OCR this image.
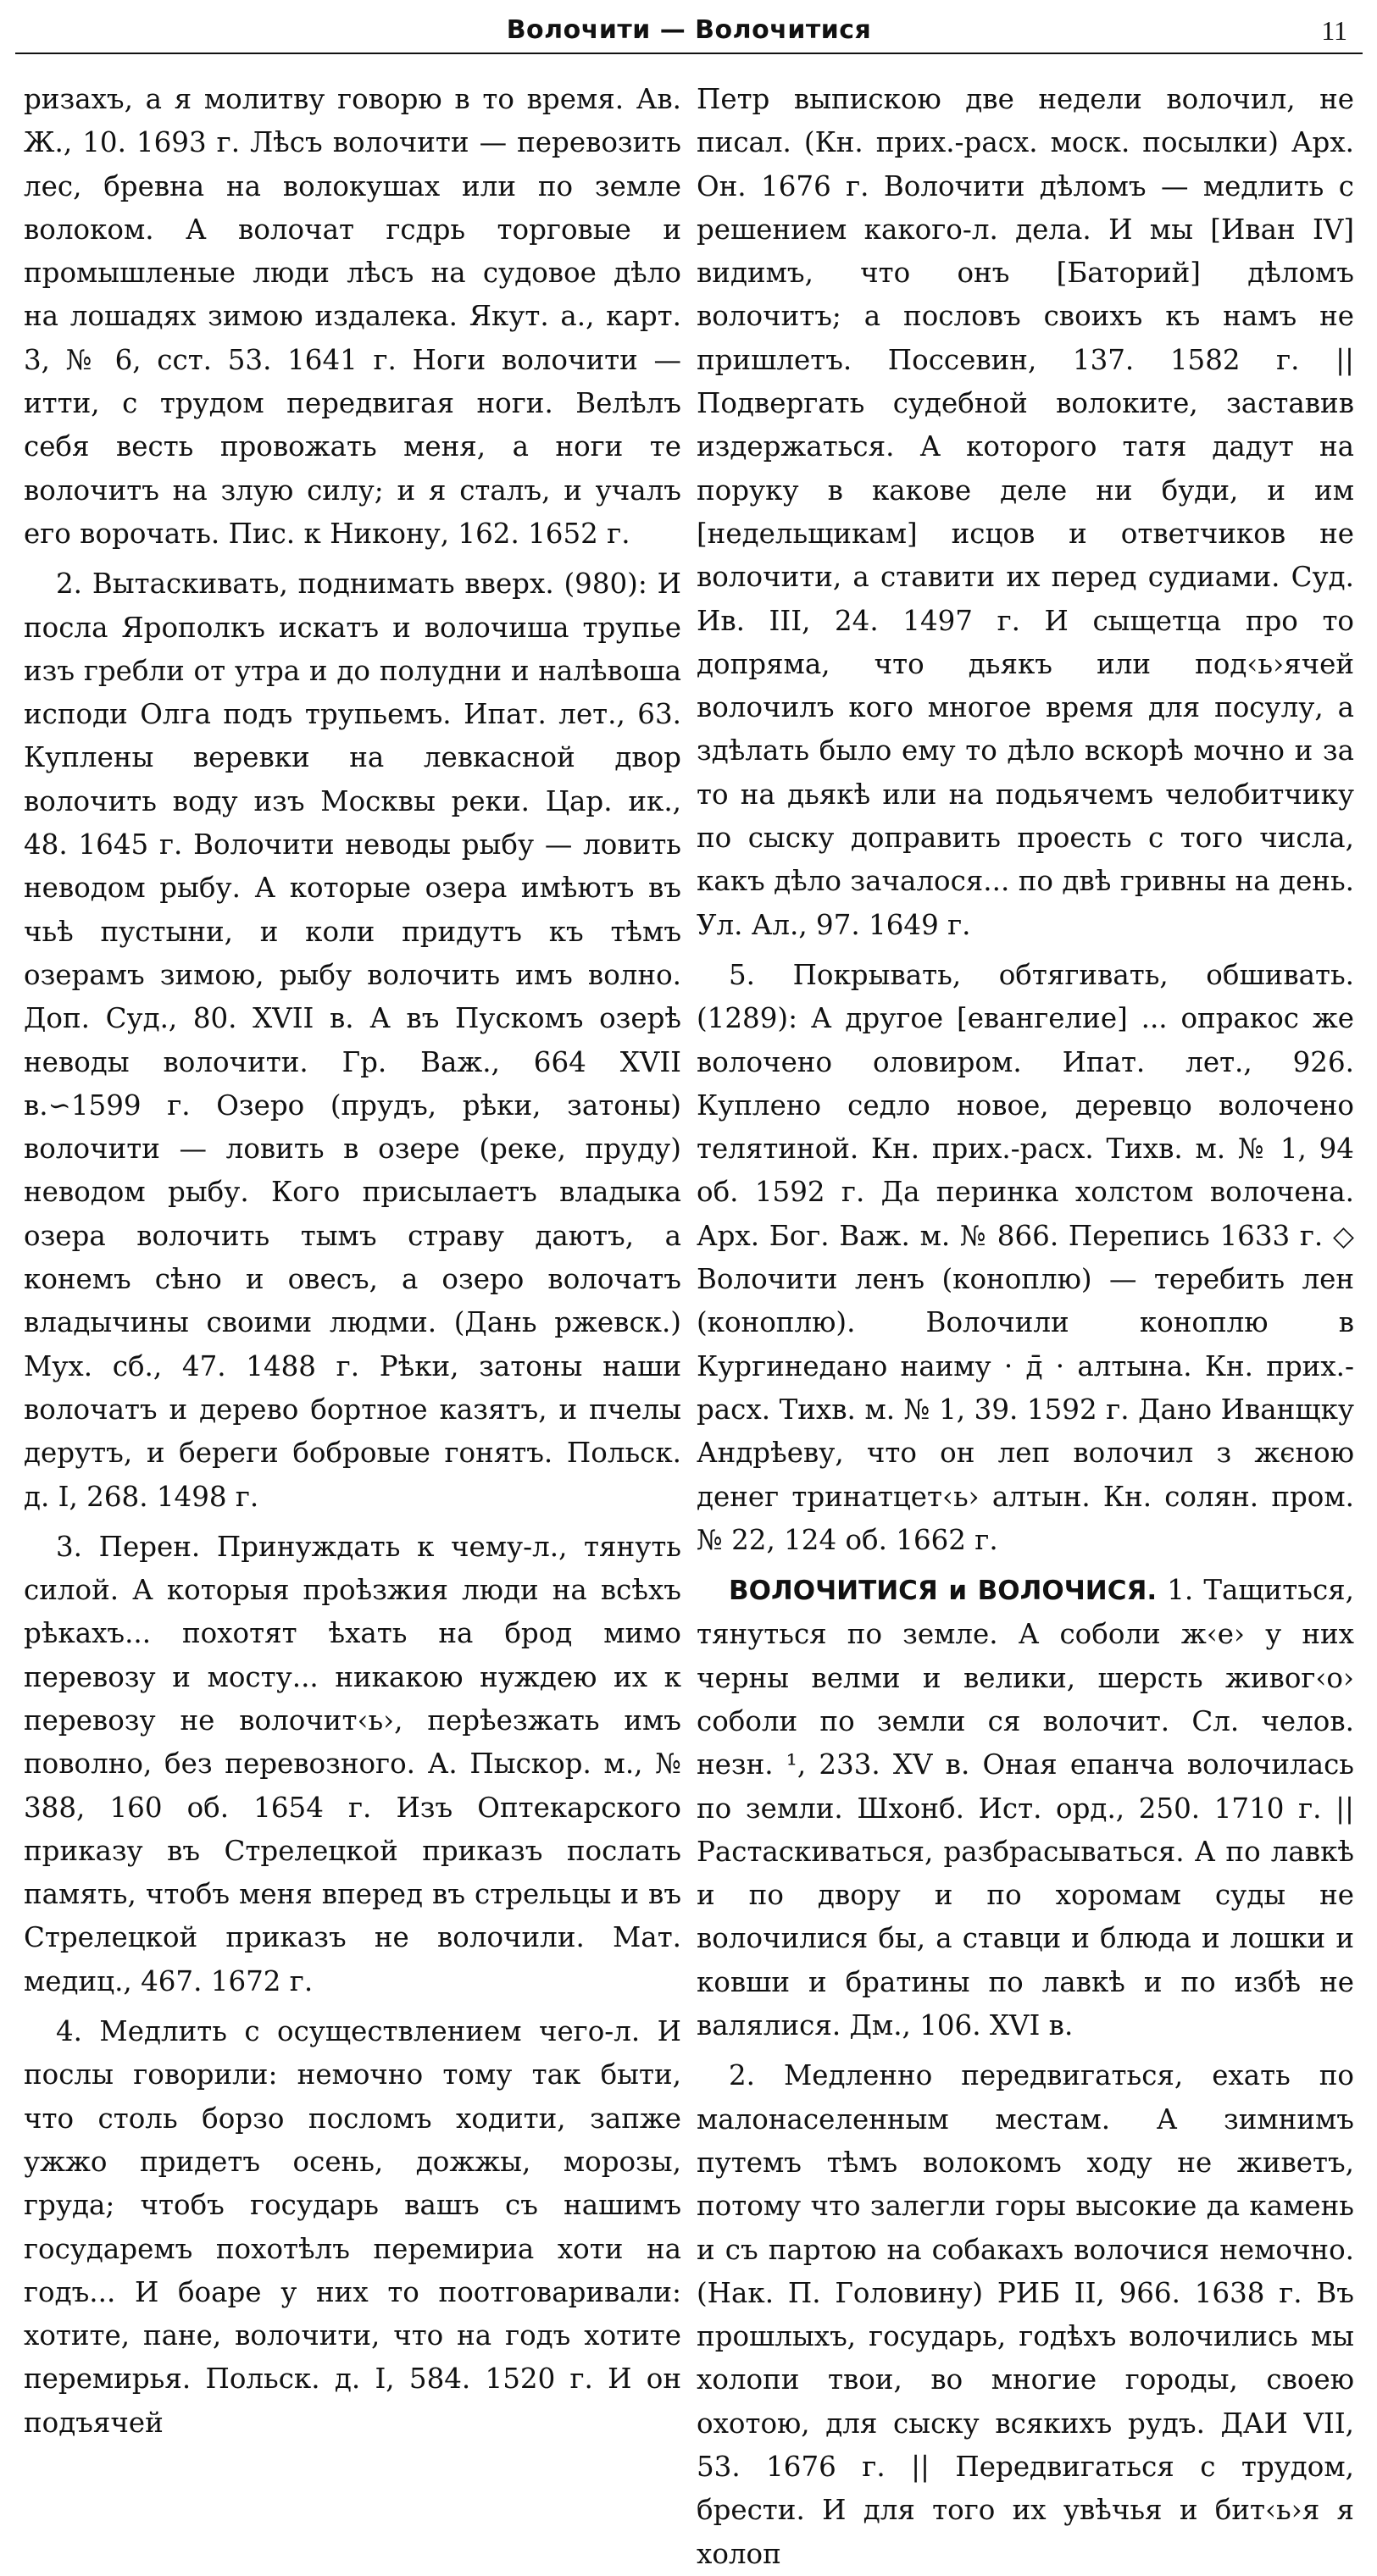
Волочити — Волочитися	11

ризахъ, а я молитву говорю в то время. Ав. Ж., 10. 1693 г. Лѣсъ волочити — перевозить лес, бревна на волокушах или по земле волоком. А волочат гсдрь торговые и промышленые люди лѣсъ на судовое дѣло на лошадях зимою издалека. Якут. а., карт. 3, № 6, сст. 53. 1641 г. Ноги волочити — итти, с трудом передвигая ноги. Велѣлъ себя весть провожать меня, а ноги те волочитъ на злую силу; и я сталъ, и учалъ его ворочать. Пис. к Никону, 162. 1652 г.

2. Вытаскивать, поднимать вверх. (980): И посла Ярополкъ искатъ и волочиша трупье изъ гребли от утра и до полудни и налѣвоша исподи Олга подъ трупьемъ. Ипат. лет., 63. Куплены веревки на левкасной двор волочить воду изъ Москвы реки. Цар. ик., 48. 1645 г. Волочити неводы рыбу — ловить неводом рыбу. А которые озера имѣютъ въ чьѣ пустыни, и коли придутъ къ тѣмъ озерамъ зимою, рыбу волочить имъ волно. Доп. Суд., 80. XVII в. А въ Пускомъ озерѣ неводы волочити. Гр. Важ., 664 XVII в.∽1599 г. Озеро (прудъ, рѣки, затоны) волочити — ловить в озере (реке, пруду) неводом рыбу. Кого присылаетъ владыка озера волочить тымъ страву даютъ, а конемъ сѣно и овесъ, а озеро волочатъ владычины своими людми. (Дань ржевск.) Мух. сб., 47. 1488 г. Рѣки, затоны наши волочатъ и дерево бортное казятъ, и пчелы дерутъ, и береги бобровые гонятъ. Польск. д. I, 268. 1498 г.

3. Перен. Принуждать к чему-л., тянуть силой. А которыя проѣзжия люди на всѣхъ рѣкахъ... похотят ѣхать на брод мимо перевозу и мосту... никакою нуждею их к перевозу не волочит‹ь›, перѣезжать имъ поволно, без перевозного. А. Пыскор. м., № 388, 160 об. 1654 г. Изъ Оптекарского приказу въ Стрелецкой приказъ послать память, чтобъ меня вперед въ стрельцы и въ Стрелецкой приказъ не волочили. Мат. медиц., 467. 1672 г.

4. Медлить с осуществлением чего-л. И послы говорили: немочно тому так быти, что столь борзо посломъ ходити, запже ужжо придетъ осень, дожжы, морозы, груда; чтобъ государь вашъ съ нашимъ государемъ похотѣлъ перемириа хоти на годъ... И боаре у них то поотговаривали: хотите, пане, волочити, что на годъ хотите перемирья. Польск. д. I, 584. 1520 г. И он подъячей

Петр выпискою две недели волочил, не писал. (Кн. прих.-расх. моск. посылки) Арх. Он. 1676 г. Волочити дѣломъ — медлить с решением какого-л. дела. И мы [Иван IV] видимъ, что онъ [Баторий] дѣломъ волочитъ; а пословъ своихъ къ намъ не пришлетъ. Поссевин, 137. 1582 г. || Подвергать судебной волоките, заставив издержаться. А которого татя дадут на поруку в какове деле ни буди, и им [недельщикам] исцов и ответчиков не волочити, а ставити их перед судиами. Суд. Ив. III, 24. 1497 г. И сыщетца про то допряма, что дьякъ или под‹ь›ячей волочилъ кого многое время для посулу, а здѣлать было ему то дѣло вскорѣ мочно и за то на дьякѣ или на подьячемъ челобитчику по сыску доправить проесть с того числа, какъ дѣло зачалося... по двѣ гривны на день. Ул. Ал., 97. 1649 г.

5. Покрывать, обтягивать, обшивать. (1289): А другое [евангелие] ... опракос же волочено оловиром. Ипат. лет., 926. Куплено седло новое, деревцо волочено телятиной. Кн. прих.-расх. Тихв. м. № 1, 94 об. 1592 г. Да перинка холстом волочена. Арх. Бог. Важ. м. № 866. Перепись 1633 г. ◇ Волочити ленъ (коноплю) — теребить лен (коноплю). Волочили коноплю в Кургинедано наиму · д̄ · алтына. Кн. прих.-расх. Тихв. м. № 1, 39. 1592 г. Дано Иванщку Андрѣеву, что он леп волочил з жєною денег тринатцет‹ь› алтын. Кн. солян. пром. № 22, 124 об. 1662 г.

ВОЛОЧИТИСЯ и ВОЛОЧИСЯ. 1. Тащиться, тянуться по земле. А соболи ж‹е› у них черны велми и велики, шерсть живог‹о› соболи по земли ся волочит. Сл. челов. незн. ¹, 233. XV в. Оная епанча волочилась по земли. Шхонб. Ист. орд., 250. 1710 г. || Растаскиваться, разбрасываться. А по лавкѣ и по двору и по хоромам суды не волочилися бы, а ставци и блюда и лошки и ковши и братины по лавкѣ и по избѣ не валялися. Дм., 106. XVI в.

2. Медленно передвигаться, ехать по малонаселенным местам. А зимнимъ путемъ тѣмъ волокомъ ходу не живетъ, потому что залегли горы высокие да камень и съ партою на собакахъ волочися немочно. (Нак. П. Головину) РИБ II, 966. 1638 г. Въ прошлыхъ, государь, годѣхъ волочились мы холопи твои, во многие городы, своею охотою, для сыску всякихъ рудъ. ДАИ VII, 53. 1676 г. || Передвигаться с трудом, брести. И для того их увѣчья и бит‹ь›я я холоп
